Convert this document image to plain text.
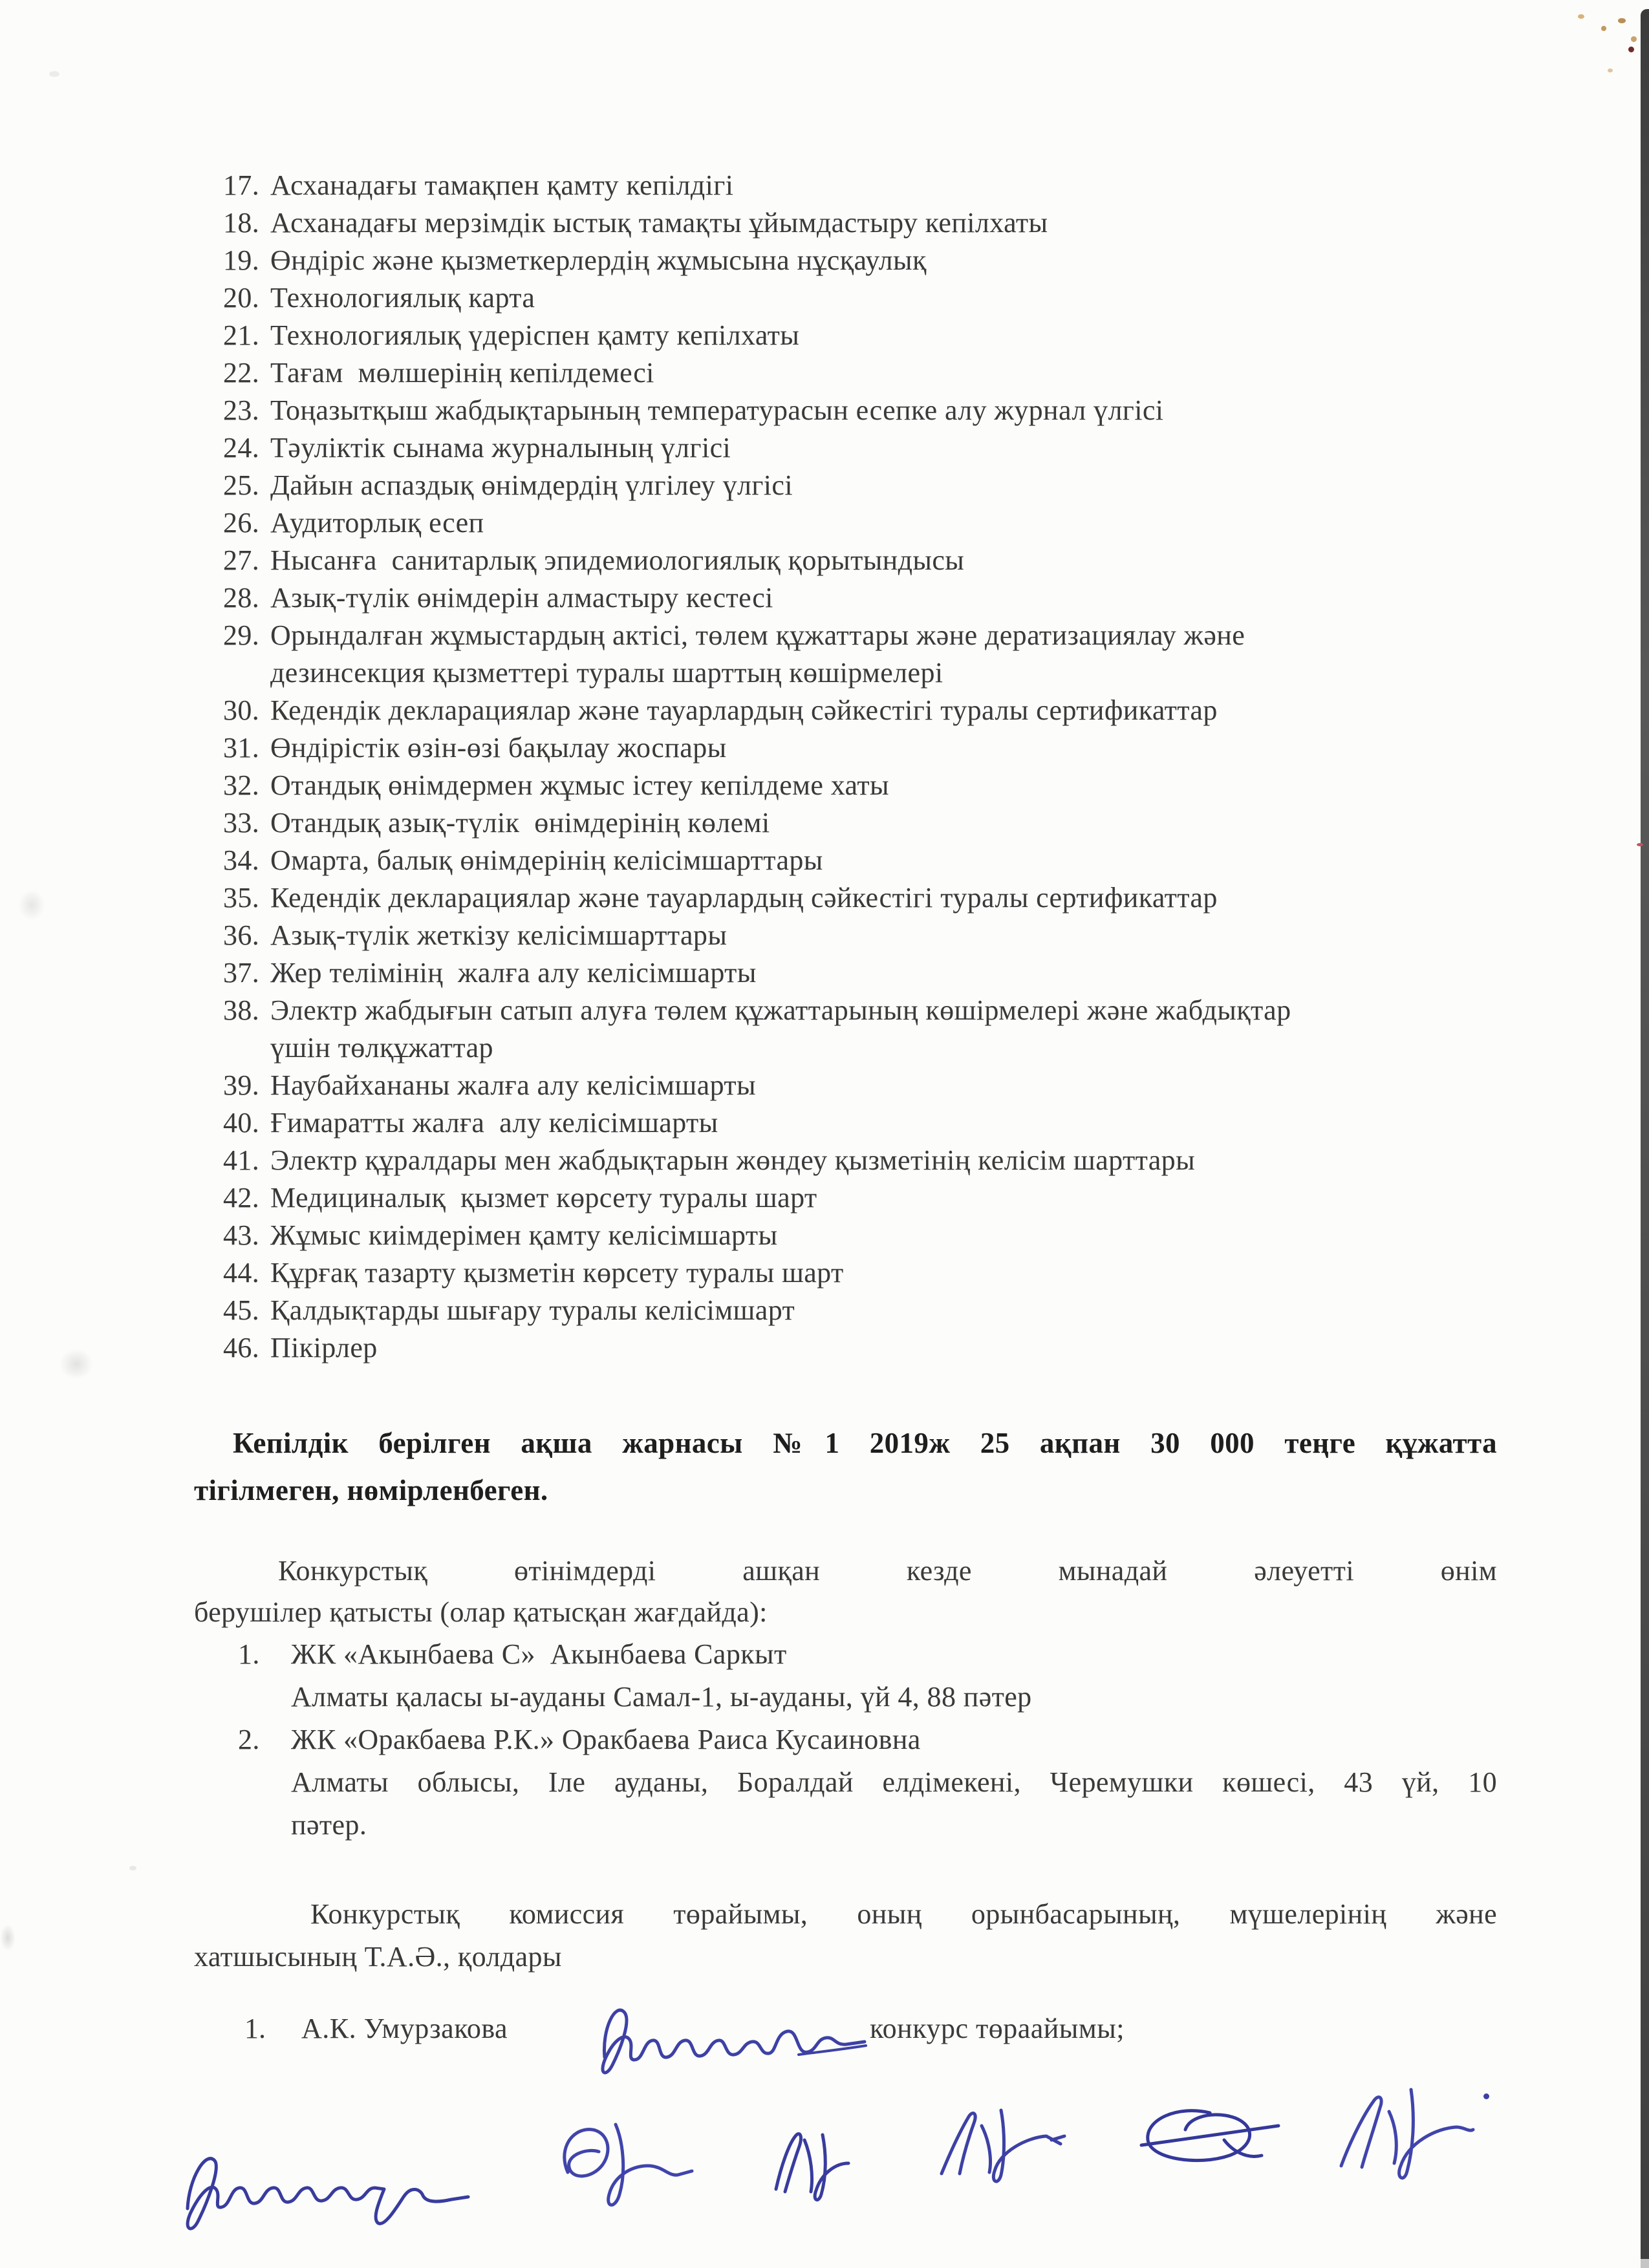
17. Асханадағы тамақпен қамту кепілдігі
18. Асханадағы мерзімдік ыстық тамақты ұйымдастыру кепілхаты
19. Өндіріс және қызметкерлердің жұмысына нұсқаулық
20. Технологиялық карта
21. Технологиялық үдеріспен қамту кепілхаты
22. Тағам  мөлшерінің кепілдемесі
23. Тоңазытқыш жабдықтарының температурасын есепке алу журнал үлгісі
24. Тәуліктік сынама журналының үлгісі
25. Дайын аспаздық өнімдердің үлгілеу үлгісі
26. Аудиторлық есеп
27. Нысанға  санитарлық эпидемиологиялық қорытындысы
28. Азық-түлік өнімдерін алмастыру кестесі
29. Орындалған жұмыстардың актісі, төлем құжаттары және дератизациялау және
дезинсекция қызметтері туралы шарттың көшірмелері
30. Кедендік декларациялар және тауарлардың сәйкестігі туралы сертификаттар
31. Өндірістік өзін-өзі бақылау жоспары
32. Отандық өнімдермен жұмыс істеу кепілдеме хаты
33. Отандық азық-түлік  өнімдерінің көлемі
34. Омарта, балық өнімдерінің келісімшарттары
35. Кедендік декларациялар және тауарлардың сәйкестігі туралы сертификаттар
36. Азық-түлік жеткізу келісімшарттары
37. Жер телімінің  жалға алу келісімшарты
38. Электр жабдығын сатып алуға төлем құжаттарының көшірмелері және жабдықтар
үшін төлқұжаттар
39. Наубайхананы жалға алу келісімшарты
40. Ғимаратты жалға  алу келісімшарты
41. Электр құралдары мен жабдықтарын жөндеу қызметінің келісім шарттары
42. Медициналық  қызмет көрсету туралы шарт
43. Жұмыс киімдерімен қамту келісімшарты
44. Құрғақ тазарту қызметін көрсету туралы шарт
45. Қалдықтарды шығару туралы келісімшарт
46. Пікірлер
Кепілдік берілген ақша жарнасы №1 2019ж 25 ақпан 30 000 теңге құжатта
тігілмеген, нөмірленбеген.
Конкурстық өтінімдерді ашқан кезде мынадай әлеуетті өнім
берушілер қатысты (олар қатысқан жағдайда):
1. ЖК «Акынбаева С»  Акынбаева Саркыт
Алматы қаласы ы-ауданы Самал-1, ы-ауданы, үй 4, 88 пәтер
2. ЖК «Оракбаева Р.К.» Оракбаева Раиса Кусаиновна
Алматы облысы, Іле ауданы, Боралдай елдімекені, Черемушки көшесі, 43 үй, 10
пәтер.
Конкурстық комиссия төрайымы, оның орынбасарының, мүшелерінің және
хатшысының Т.А.Ә., қолдары
1. А.К. Умурзакова	конкурс төраайымы;
